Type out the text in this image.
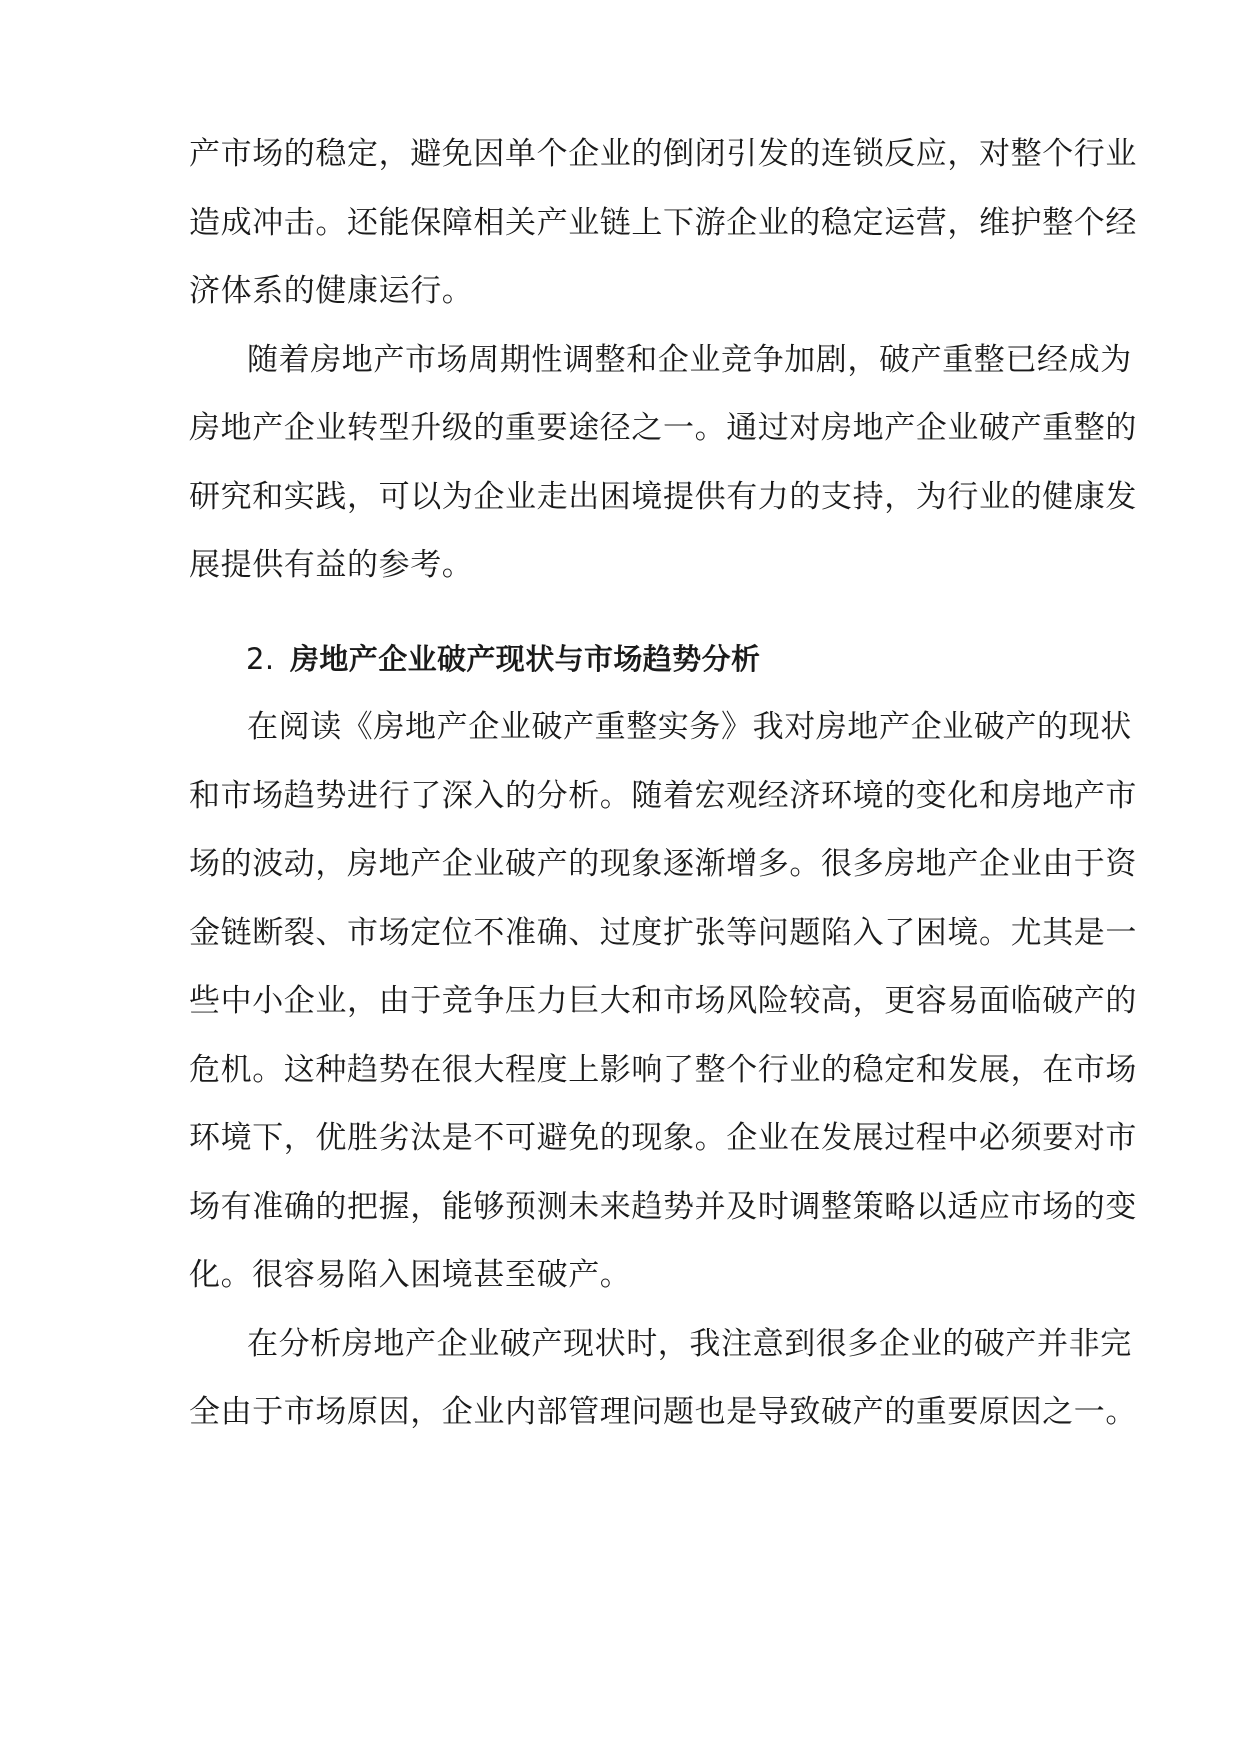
产市场的稳定，避免因单个企业的倒闭引发的连锁反应，对整个行业

造成冲击。还能保障相关产业链上下游企业的稳定运营，维护整个经

济体系的健康运行。

随着房地产市场周期性调整和企业竞争加剧，破产重整已经成为

房地产企业转型升级的重要途径之一。通过对房地产企业破产重整的

研究和实践，可以为企业走出困境提供有力的支持，为行业的健康发

展提供有益的参考。

2. 房地产企业破产现状与市场趋势分析

在阅读《房地产企业破产重整实务》我对房地产企业破产的现状

和市场趋势进行了深入的分析。随着宏观经济环境的变化和房地产市

场的波动，房地产企业破产的现象逐渐增多。很多房地产企业由于资

金链断裂、市场定位不准确、过度扩张等问题陷入了困境。尤其是一

些中小企业，由于竞争压力巨大和市场风险较高，更容易面临破产的

危机。这种趋势在很大程度上影响了整个行业的稳定和发展，在市场

环境下，优胜劣汰是不可避免的现象。企业在发展过程中必须要对市

场有准确的把握，能够预测未来趋势并及时调整策略以适应市场的变

化。很容易陷入困境甚至破产。

在分析房地产企业破产现状时，我注意到很多企业的破产并非完

全由于市场原因，企业内部管理问题也是导致破产的重要原因之一。
